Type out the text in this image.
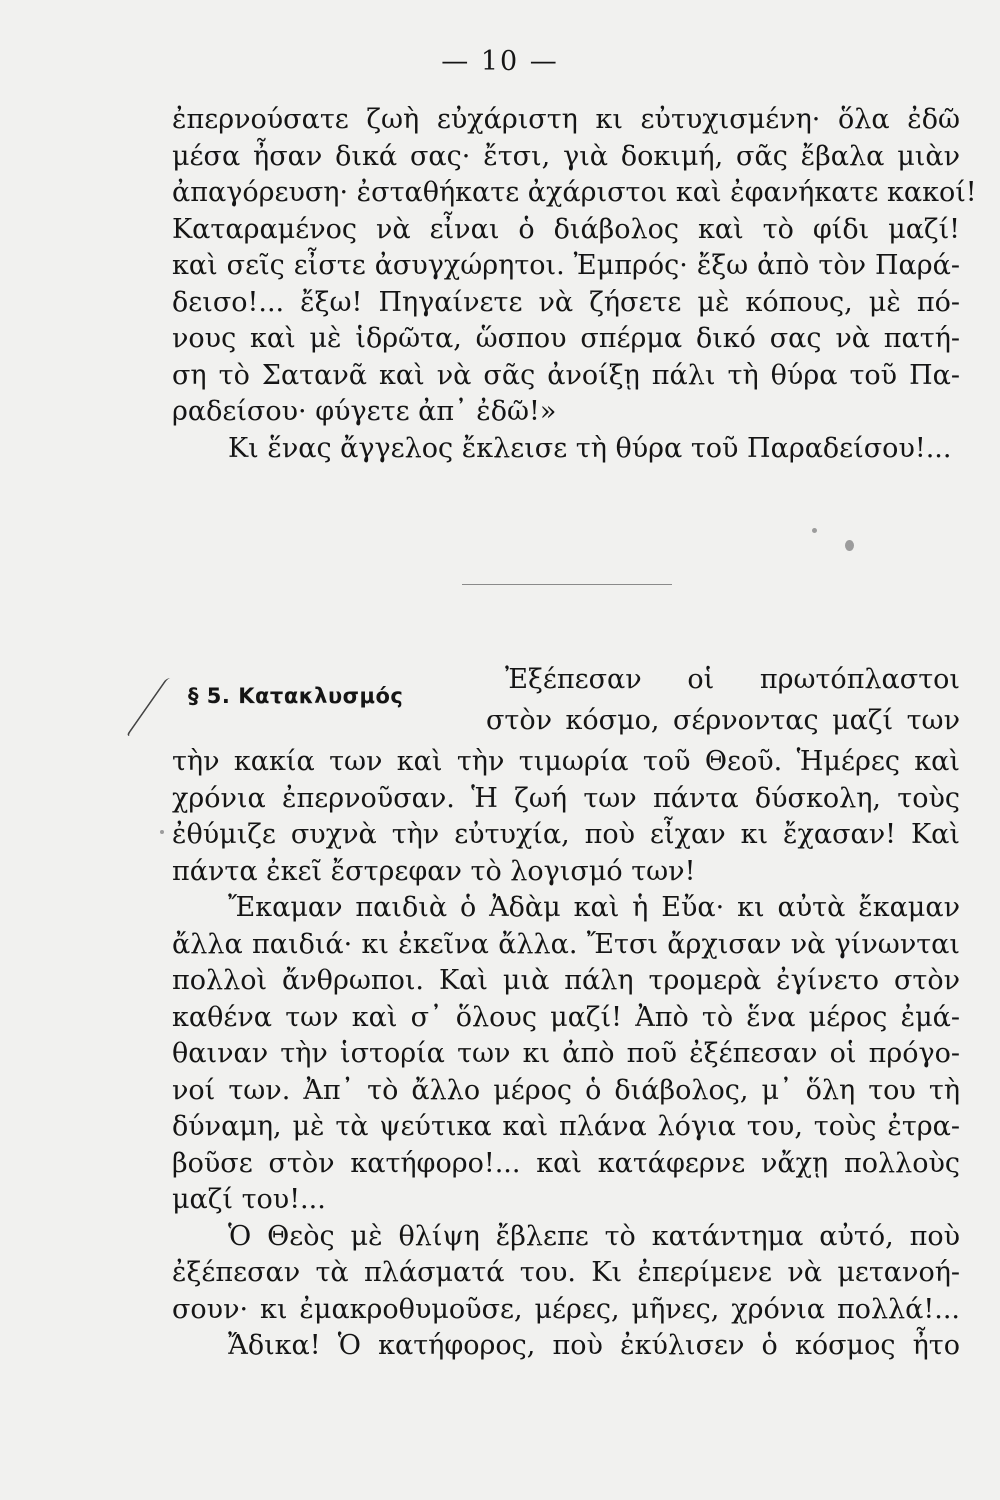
— 10 —
ἐπερνούσατε ζωὴ εὐχάριστη κι εὐτυχισμένη· ὅλα ἐδῶ
μέσα ἦσαν δικά σας· ἔτσι, γιὰ δοκιμή, σᾶς ἔβαλα μιὰν
ἀπαγόρευση· ἐσταθήκατε ἀχάριστοι καὶ ἐφανήκατε κακοί!
Καταραμένος νὰ εἶναι ὁ διάβολος καὶ τὸ φίδι μαζί!
καὶ σεῖς εἶστε ἀσυγχώρητοι. Ἐμπρός· ἔξω ἀπὸ τὸν Παρά-
δεισο!... ἔξω! Πηγαίνετε νὰ ζήσετε μὲ κόπους, μὲ πό-
νους καὶ μὲ ἱδρῶτα, ὥσπου σπέρμα δικό σας νὰ πατή-
ση τὸ Σατανᾶ καὶ νὰ σᾶς ἀνοίξῃ πάλι τὴ θύρα τοῦ Πα-
ραδείσου· φύγετε ἀπ᾽ ἐδῶ!»
Κι ἕνας ἄγγελος ἔκλεισε τὴ θύρα τοῦ Παραδείσου!...
§ 5. Κατακλυσμός
Ἐξέπεσαν οἱ πρωτόπλαστοι
στὸν κόσμο, σέρνοντας μαζί των
τὴν κακία των καὶ τὴν τιμωρία τοῦ Θεοῦ. Ἡμέρες καὶ
χρόνια ἐπερνοῦσαν. Ἡ ζωή των πάντα δύσκολη, τοὺς
ἐθύμιζε συχνὰ τὴν εὐτυχία, ποὺ εἶχαν κι ἔχασαν! Καὶ
πάντα ἐκεῖ ἔστρεφαν τὸ λογισμό των!
Ἔκαμαν παιδιὰ ὁ Ἀδὰμ καὶ ἡ Εὔα· κι αὐτὰ ἔκαμαν
ἄλλα παιδιά· κι ἐκεῖνα ἄλλα. Ἔτσι ἄρχισαν νὰ γίνωνται
πολλοὶ ἄνθρωποι. Καὶ μιὰ πάλη τρομερὰ ἐγίνετο στὸν
καθένα των καὶ σ᾽ ὅλους μαζί! Ἀπὸ τὸ ἕνα μέρος ἐμά-
θαιναν τὴν ἱστορία των κι ἀπὸ ποῦ ἐξέπεσαν οἱ πρόγο-
νοί των. Ἀπ᾽ τὸ ἄλλο μέρος ὁ διάβολος, μ᾽ ὅλη του τὴ
δύναμη, μὲ τὰ ψεύτικα καὶ πλάνα λόγια του, τοὺς ἐτρα-
βοῦσε στὸν κατήφορο!... καὶ κατάφερνε νἄχῃ πολλοὺς
μαζί του!...
Ὁ Θεὸς μὲ θλίψη ἔβλεπε τὸ κατάντημα αὐτό, ποὺ
ἐξέπεσαν τὰ πλάσματά του. Κι ἐπερίμενε νὰ μετανοή-
σουν· κι ἐμακροθυμοῦσε, μέρες, μῆνες, χρόνια πολλά!...
Ἄδικα! Ὁ κατήφορος, ποὺ ἐκύλισεν ὁ κόσμος ἦτο
